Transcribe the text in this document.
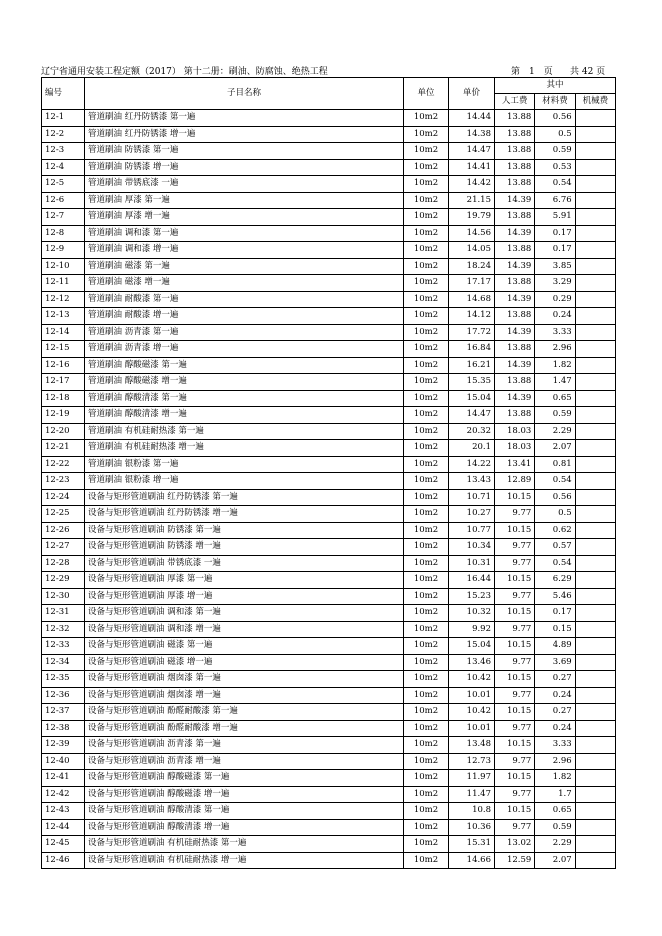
辽宁省通用安装工程定额（2017） 第十二册：刷油、防腐蚀、绝热工程	第　1　页 共 42 页
编号	子目名称	单位	单价	其中		
				人工费	材料费	机械费
12-1	管道刷油 红丹防锈漆 第一遍	10m2	14.44	13.88	0.56	
12-2	管道刷油 红丹防锈漆 增一遍	10m2	14.38	13.88	0.5	
12-3	管道刷油 防锈漆 第一遍	10m2	14.47	13.88	0.59	
12-4	管道刷油 防锈漆 增一遍	10m2	14.41	13.88	0.53	
12-5	管道刷油 带锈底漆 一遍	10m2	14.42	13.88	0.54	
12-6	管道刷油 厚漆 第一遍	10m2	21.15	14.39	6.76	
12-7	管道刷油 厚漆 增一遍	10m2	19.79	13.88	5.91	
12-8	管道刷油 调和漆 第一遍	10m2	14.56	14.39	0.17	
12-9	管道刷油 调和漆 增一遍	10m2	14.05	13.88	0.17	
12-10	管道刷油 磁漆 第一遍	10m2	18.24	14.39	3.85	
12-11	管道刷油 磁漆 增一遍	10m2	17.17	13.88	3.29	
12-12	管道刷油 耐酸漆 第一遍	10m2	14.68	14.39	0.29	
12-13	管道刷油 耐酸漆 增一遍	10m2	14.12	13.88	0.24	
12-14	管道刷油 沥青漆 第一遍	10m2	17.72	14.39	3.33	
12-15	管道刷油 沥青漆 增一遍	10m2	16.84	13.88	2.96	
12-16	管道刷油 醇酸磁漆 第一遍	10m2	16.21	14.39	1.82	
12-17	管道刷油 醇酸磁漆 增一遍	10m2	15.35	13.88	1.47	
12-18	管道刷油 醇酸清漆 第一遍	10m2	15.04	14.39	0.65	
12-19	管道刷油 醇酸清漆 增一遍	10m2	14.47	13.88	0.59	
12-20	管道刷油 有机硅耐热漆 第一遍	10m2	20.32	18.03	2.29	
12-21	管道刷油 有机硅耐热漆 增一遍	10m2	20.1	18.03	2.07	
12-22	管道刷油 银粉漆 第一遍	10m2	14.22	13.41	0.81	
12-23	管道刷油 银粉漆 增一遍	10m2	13.43	12.89	0.54	
12-24	设备与矩形管道刷油 红丹防锈漆 第一遍	10m2	10.71	10.15	0.56	
12-25	设备与矩形管道刷油 红丹防锈漆 增一遍	10m2	10.27	9.77	0.5	
12-26	设备与矩形管道刷油 防锈漆 第一遍	10m2	10.77	10.15	0.62	
12-27	设备与矩形管道刷油 防锈漆 增一遍	10m2	10.34	9.77	0.57	
12-28	设备与矩形管道刷油 带锈底漆 一遍	10m2	10.31	9.77	0.54	
12-29	设备与矩形管道刷油 厚漆 第一遍	10m2	16.44	10.15	6.29	
12-30	设备与矩形管道刷油 厚漆 增一遍	10m2	15.23	9.77	5.46	
12-31	设备与矩形管道刷油 调和漆 第一遍	10m2	10.32	10.15	0.17	
12-32	设备与矩形管道刷油 调和漆 增一遍	10m2	9.92	9.77	0.15	
12-33	设备与矩形管道刷油 磁漆 第一遍	10m2	15.04	10.15	4.89	
12-34	设备与矩形管道刷油 磁漆 增一遍	10m2	13.46	9.77	3.69	
12-35	设备与矩形管道刷油 烟囱漆 第一遍	10m2	10.42	10.15	0.27	
12-36	设备与矩形管道刷油 烟囱漆 增一遍	10m2	10.01	9.77	0.24	
12-37	设备与矩形管道刷油 酚醛耐酸漆 第一遍	10m2	10.42	10.15	0.27	
12-38	设备与矩形管道刷油 酚醛耐酸漆 增一遍	10m2	10.01	9.77	0.24	
12-39	设备与矩形管道刷油 沥青漆 第一遍	10m2	13.48	10.15	3.33	
12-40	设备与矩形管道刷油 沥青漆 增一遍	10m2	12.73	9.77	2.96	
12-41	设备与矩形管道刷油 醇酸磁漆 第一遍	10m2	11.97	10.15	1.82	
12-42	设备与矩形管道刷油 醇酸磁漆 增一遍	10m2	11.47	9.77	1.7	
12-43	设备与矩形管道刷油 醇酸清漆 第一遍	10m2	10.8	10.15	0.65	
12-44	设备与矩形管道刷油 醇酸清漆 增一遍	10m2	10.36	9.77	0.59	
12-45	设备与矩形管道刷油 有机硅耐热漆 第一遍	10m2	15.31	13.02	2.29	
12-46	设备与矩形管道刷油 有机硅耐热漆 增一遍	10m2	14.66	12.59	2.07	
